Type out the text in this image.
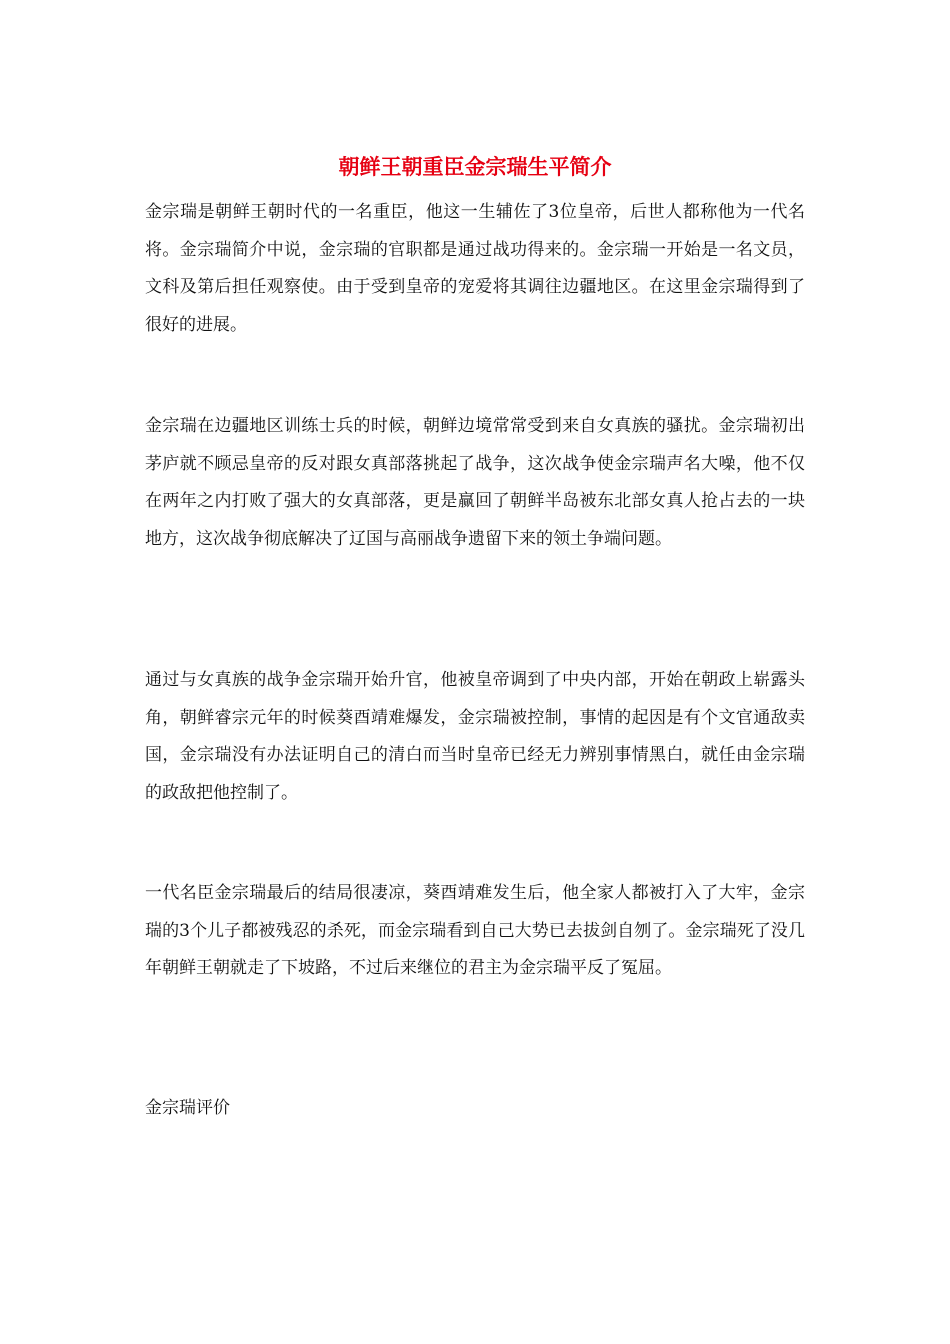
朝鲜王朝重臣金宗瑞生平简介

金宗瑞是朝鲜王朝时代的一名重臣，他这一生辅佐了3位皇帝，后世人都称他为一代名将。金宗瑞简介中说，金宗瑞的官职都是通过战功得来的。金宗瑞一开始是一名文员，文科及第后担任观察使。由于受到皇帝的宠爱将其调往边疆地区。在这里金宗瑞得到了很好的进展。

金宗瑞在边疆地区训练士兵的时候，朝鲜边境常常受到来自女真族的骚扰。金宗瑞初出茅庐就不顾忌皇帝的反对跟女真部落挑起了战争，这次战争使金宗瑞声名大噪，他不仅在两年之内打败了强大的女真部落，更是赢回了朝鲜半岛被东北部女真人抢占去的一块地方，这次战争彻底解决了辽国与高丽战争遗留下来的领土争端问题。

通过与女真族的战争金宗瑞开始升官，他被皇帝调到了中央内部，开始在朝政上崭露头角，朝鲜睿宗元年的时候葵酉靖难爆发，金宗瑞被控制，事情的起因是有个文官通敌卖国，金宗瑞没有办法证明自己的清白而当时皇帝已经无力辨别事情黑白，就任由金宗瑞的政敌把他控制了。

一代名臣金宗瑞最后的结局很凄凉，葵酉靖难发生后，他全家人都被打入了大牢，金宗瑞的3个儿子都被残忍的杀死，而金宗瑞看到自己大势已去拔剑自刎了。金宗瑞死了没几年朝鲜王朝就走了下坡路，不过后来继位的君主为金宗瑞平反了冤屈。

金宗瑞评价
